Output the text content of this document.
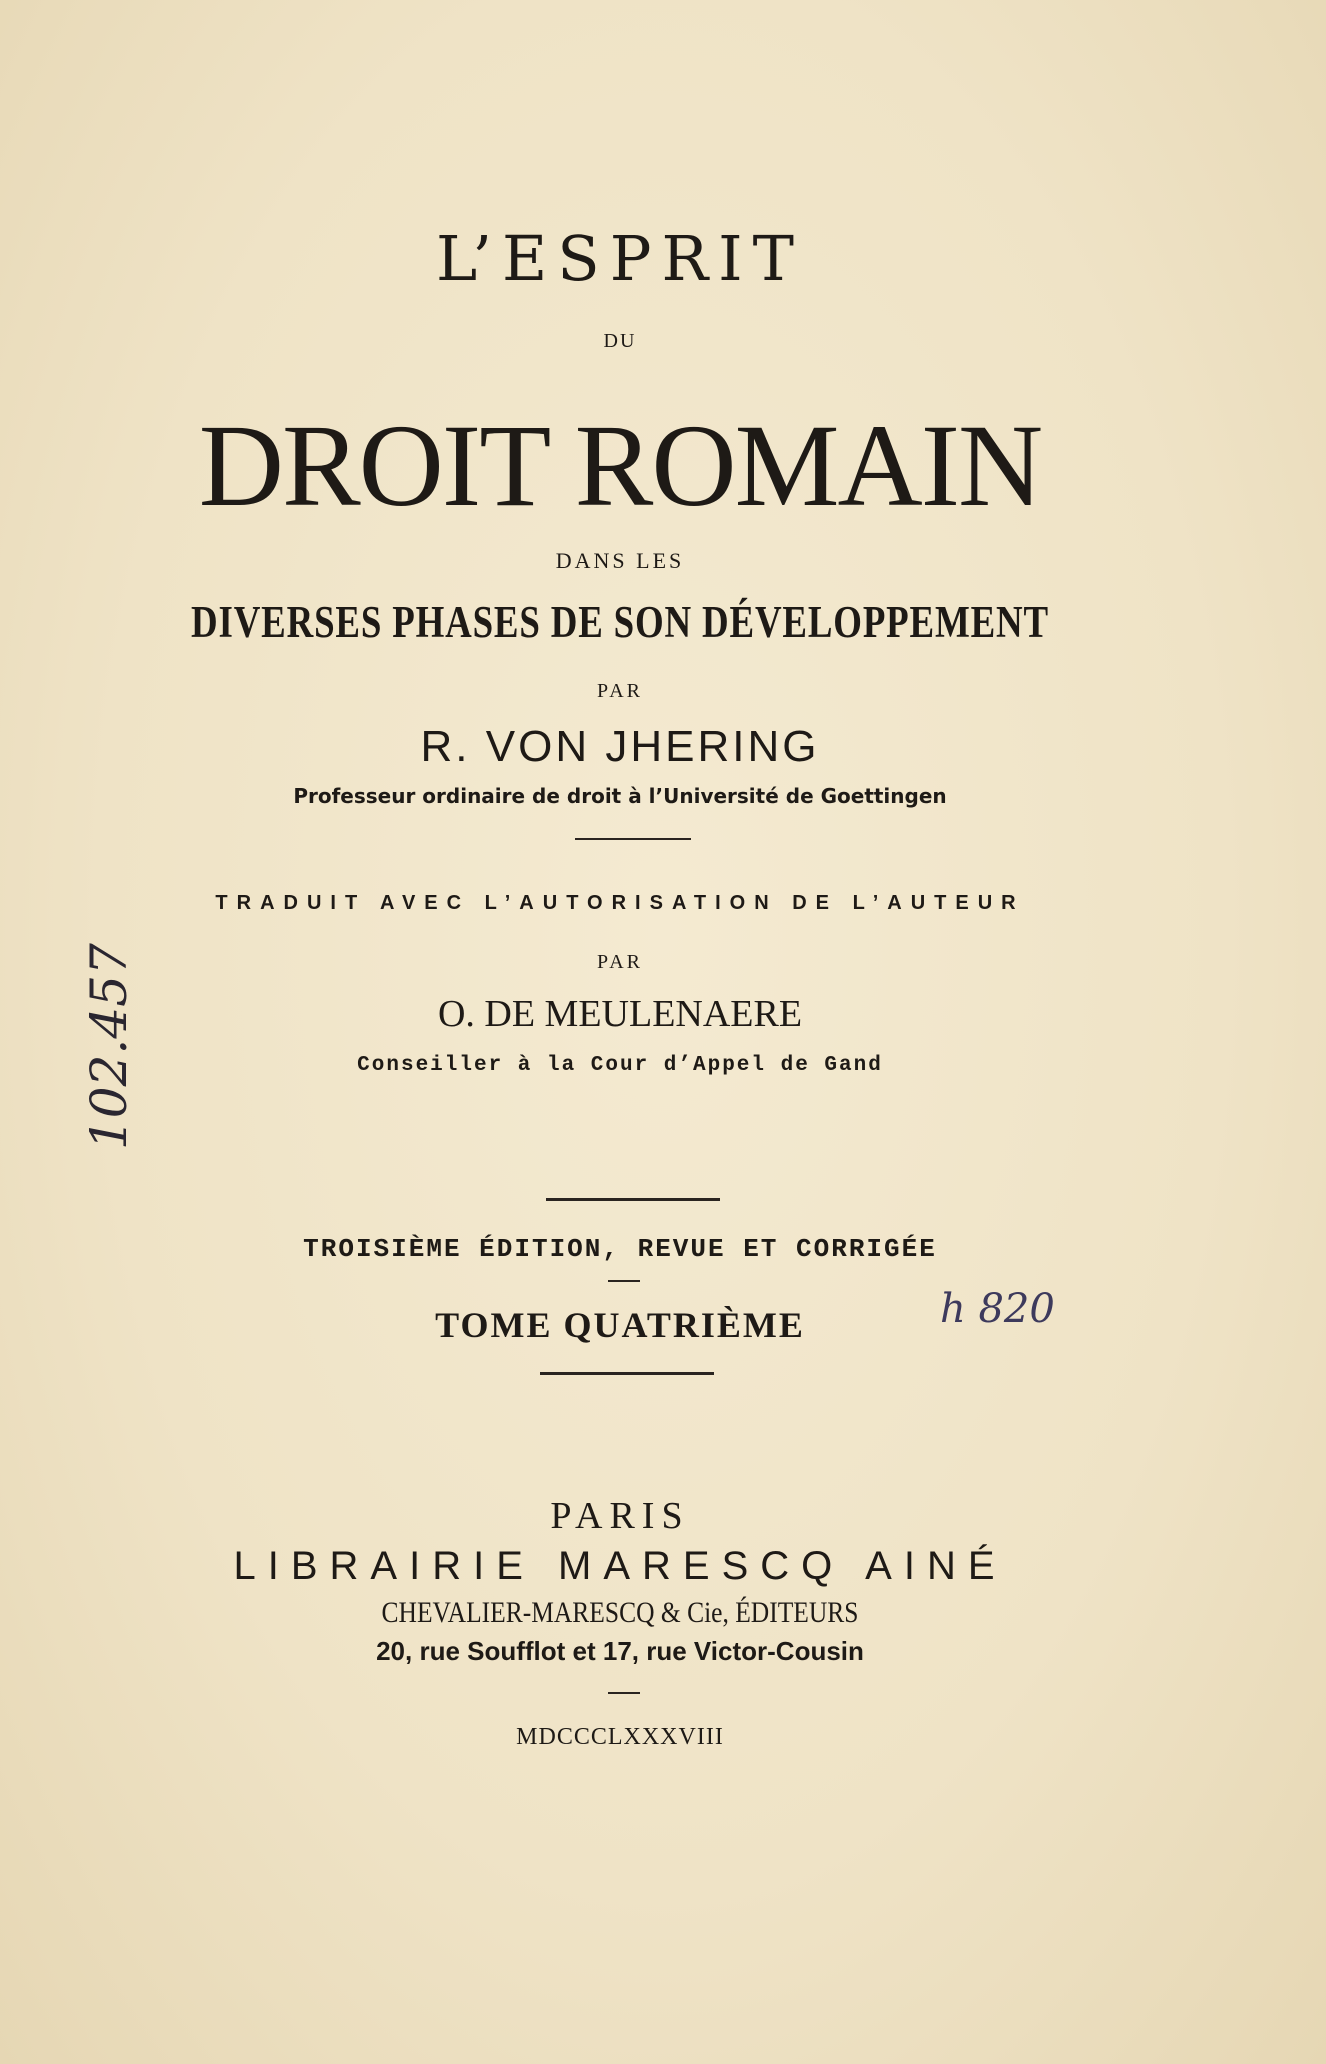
L’ESPRIT
DU
DROIT ROMAIN
DANS LES
DIVERSES PHASES DE SON DÉVELOPPEMENT
PAR
R. VON JHERING
Professeur ordinaire de droit à l’Université de Goettingen
TRADUIT AVEC L’AUTORISATION DE L’AUTEUR
PAR
O. DE MEULENAERE
Conseiller à la Cour d’Appel de Gand
TROISIÈME ÉDITION, REVUE ET CORRIGÉE
TOME QUATRIÈME
PARIS
LIBRAIRIE MARESCQ AINÉ
CHEVALIER-MARESCQ & Cie, ÉDITEURS
20, rue Soufflot et 17, rue Victor-Cousin
MDCCCLXXXVIII
102.457
h 820
